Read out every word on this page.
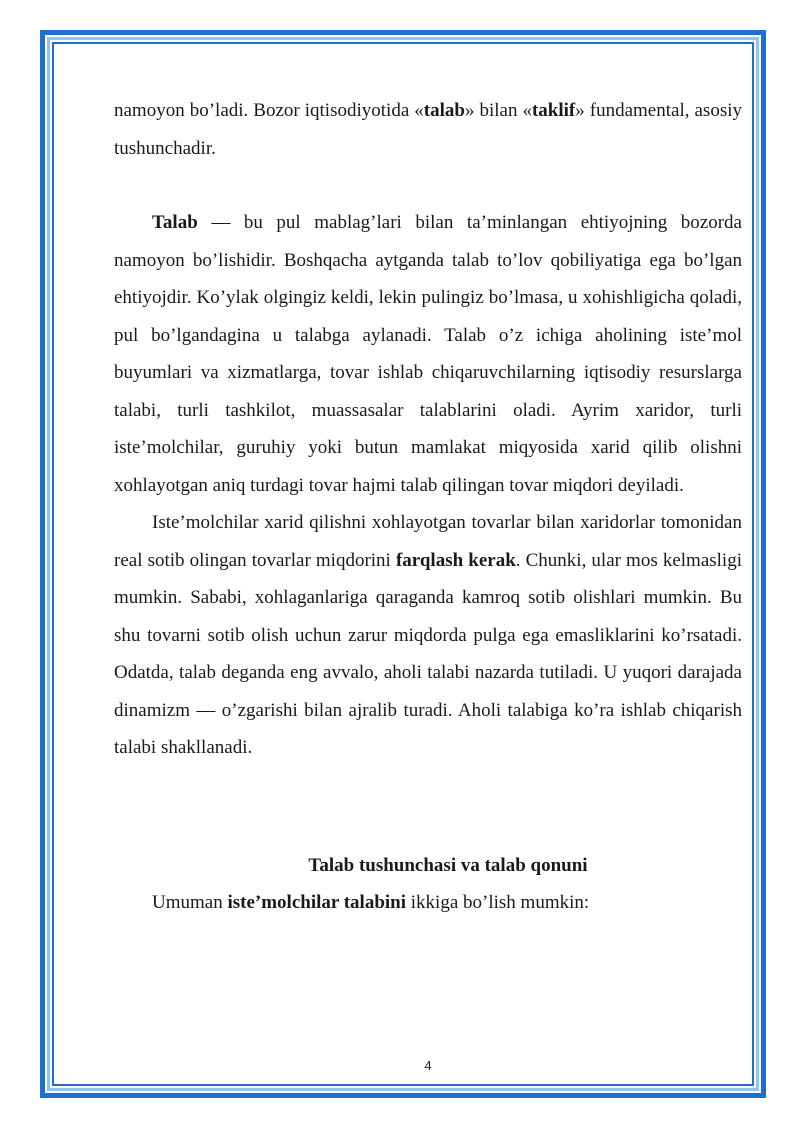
namoyon bo’ladi. Bozor iqtisodiyotida «talab» bilan «taklif» fundamental, asosiy tushunchadir.

Talab — bu pul mablag’lari bilan ta’minlangan ehtiyojning bozorda namoyon bo’lishidir. Boshqacha aytganda talab to’lov qobiliyatiga ega bo’lgan ehtiyojdir. Ko’ylak olgingiz keldi, lekin pulingiz bo’lmasa, u xohishligicha qoladi, pul bo’lgandagina u talabga aylanadi. Talab o’z ichiga aholining iste’mol buyumlari va xizmatlarga, tovar ishlab chiqaruvchilarning iqtisodiy resurslarga talabi, turli tashkilot, muassasalar talablarini oladi. Ayrim xaridor, turli iste’molchilar, guruhiy yoki butun mamlakat miqyosida xarid qilib olishni xohlayotgan aniq turdagi tovar hajmi talab qilingan tovar miqdori deyiladi.

Iste’molchilar xarid qilishni xohlayotgan tovarlar bilan xaridorlar tomonidan real sotib olingan tovarlar miqdorini farqlash kerak. Chunki, ular mos kelmasligi mumkin. Sababi, xohlaganlariga qaraganda kamroq sotib olishlari mumkin. Bu shu tovarni sotib olish uchun zarur miqdorda pulga ega emasliklarini ko’rsatadi. Odatda, talab deganda eng avvalo, aholi talabi nazarda tutiladi. U yuqori darajada dinamizm — o’zgarishi bilan ajralib turadi. Aholi talabiga ko’ra ishlab chiqarish talabi shakllanadi.

Talab tushunchasi va talab qonuni

Umuman iste’molchilar talabini ikkiga bo’lish mumkin:

4
